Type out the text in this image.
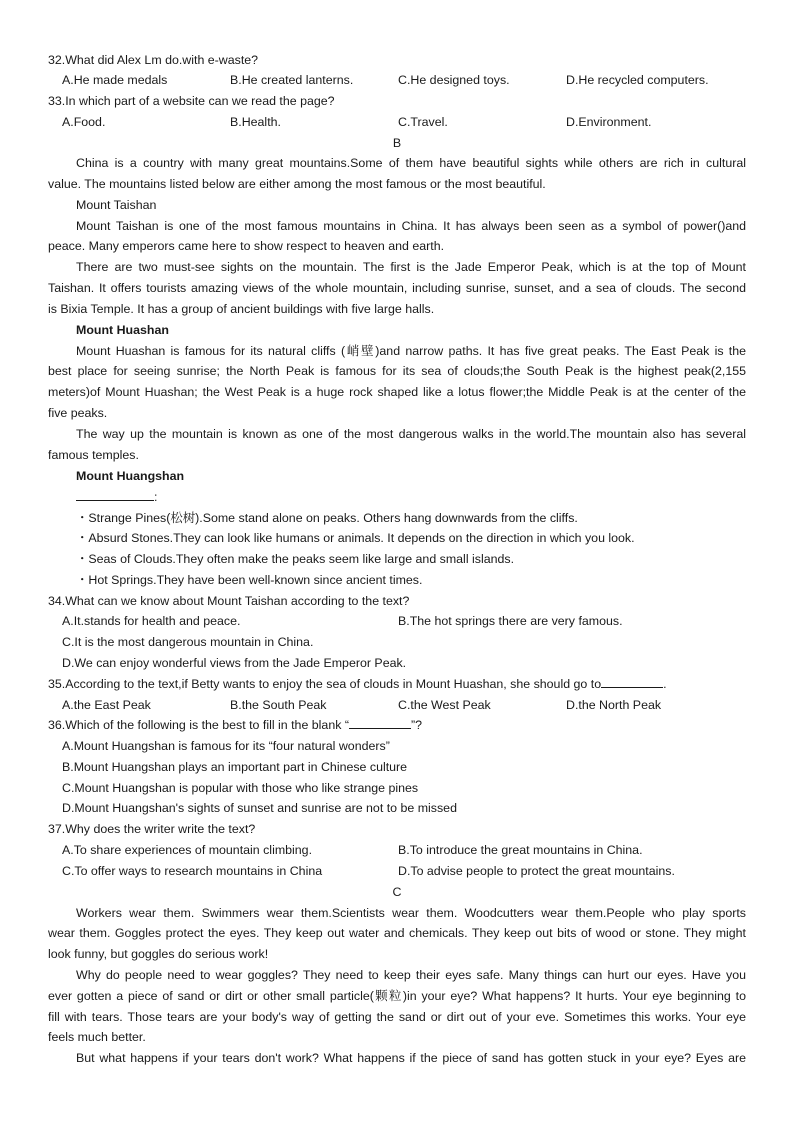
32.What did Alex Lm do.with e-waste?
A.He made medals	B.He created lanterns.	C.He designed toys.	D.He recycled computers.
33.In which part of a website can we read the page?
A.Food.	B.Health.	C.Travel.	D.Environment.
B
China is a country with many great mountains.Some of them have beautiful sights while others are rich in cultural
value. The mountains listed below are either among the most famous or the most beautiful.
Mount Taishan
Mount Taishan is one of the most famous mountains in China. It has always been seen as a symbol of power()and
peace. Many emperors came here to show respect to heaven and earth.
There are two must-see sights on the mountain. The first is the Jade Emperor Peak, which is at the top of Mount
Taishan. It offers tourists amazing views of the whole mountain, including sunrise, sunset, and a sea of clouds. The second
is Bixia Temple. It has a group of ancient buildings with five large halls.
Mount Huashan
Mount Huashan is famous for its natural cliffs (峭壁)and narrow paths. It has five great peaks. The East Peak is the
best place for seeing sunrise; the North Peak is famous for its sea of clouds;the South Peak is the highest peak(2,155
meters)of Mount Huashan; the West Peak is a huge rock shaped like a lotus flower;the Middle Peak is at the center of the
five peaks.
The way up the mountain is known as one of the most dangerous walks in the world.The mountain also has several
famous temples.
Mount Huangshan
:
・Strange Pines(松树).Some stand alone on peaks. Others hang downwards from the cliffs.
・Absurd Stones.They can look like humans or animals. It depends on the direction in which you look.
・Seas of Clouds.They often make the peaks seem like large and small islands.
・Hot Springs.They have been well-known since ancient times.
34.What can we know about Mount Taishan according to the text?
A.It.stands for health and peace.	B.The hot springs there are very famous.
C.It is the most dangerous mountain in China.
D.We can enjoy wonderful views from the Jade Emperor Peak.
35.According to the text,if Betty wants to enjoy the sea of clouds in Mount Huashan, she should go to	.
A.the East Peak	B.the South Peak	C.the West Peak	D.the North Peak
36.Which of the following is the best to fill in the blank “	”?
A.Mount Huangshan is famous for its “four natural wonders”
B.Mount Huangshan plays an important part in Chinese culture
C.Mount Huangshan is popular with those who like strange pines
D.Mount Huangshan's sights of sunset and sunrise are not to be missed
37.Why does the writer write the text?
A.To share experiences of mountain climbing.	B.To introduce the great mountains in China.
C.To offer ways to research mountains in China	D.To advise people to protect the great mountains.
C
Workers wear them. Swimmers wear them.Scientists wear them. Woodcutters wear them.People who play sports
wear them. Goggles protect the eyes. They keep out water and chemicals. They keep out bits of wood or stone. They might
look funny, but goggles do serious work!
Why do people need to wear goggles? They need to keep their eyes safe. Many things can hurt our eyes. Have you
ever gotten a piece of sand or dirt or other small particle(颗粒)in your eye? What happens? It hurts. Your eye beginning to
fill with tears. Those tears are your body's way of getting the sand or dirt out of your eve. Sometimes this works. Your eye
feels much better.
But what happens if your tears don't work? What happens if the piece of sand has gotten stuck in your eye? Eyes are
